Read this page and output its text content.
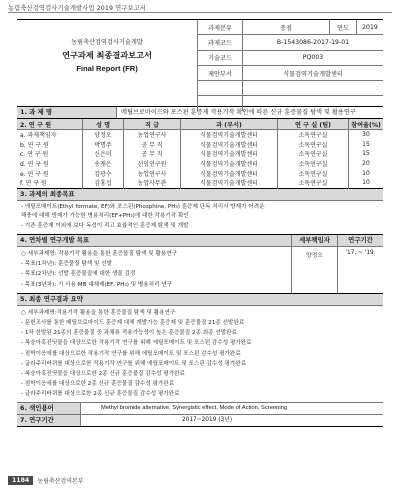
농림축산검역검사기술개발사업 2019 연구보고서
농림축산검역검사기술개발
연구과제 최종결과보고서
Final Report (FR)
과제분류	중점	연도	2019
과제코드	B-1543086-2017-19-01		
기술코드	PQ003		
제안부서	식물검역기술개발센터		

1. 과 제 명	메틸브로마이드와 포스핀 훈증제 작용기작 확인에 따른 신규 훈증물질 탐색 및 활용연구
2. 연 구 원	성 명	직 급	과 (부서)	연 구 실 (팀)	참여율(%)
a. 과제책임자	양정오	농업연구사	식물검역기술개발센터	소독연구실	30
b. 연 구 원	박명주	공 무 직	식물검역기술개발센터	소독연구실	15
c. 연 구 원	신은미	공 무 직	식물검역기술개발센터	소독연구실	15
d. 연 구 원	송재은	선임연구원	식물검역기술개발센터	소독연구실	20
e. 연 구 원	김광수	농업연구사	식물검역기술개발센터	소독연구실	10
f. 연 구 원	김홍섭	농업사무관	식물검역기술개발센터	소독연구실	10
3. 과제의 최종목표
- 에틸포메이트(Ethyl formate, EF)와 포스핀(Phosphine, PH₃) 훈증제 단독 처리시 방제가 어려운
해충에 대해 방제가 가능한 병용처리(EF+PH₃)에 대한 작용기작 확인
- 기존 훈증제 이외에 보다 독성이 적고 효율적인 훈증제 탐색 및 개발
4. 연차별 연구개발 목표	세부책임자	연구기간
○ 세부과제명: 작용기작 활용을 통한 훈증물질 탐색 및 활용연구
- 목표(1차년): 훈증물질 탐색 및 선발
- 목표(2차년): 선발 훈증물질에 대한 생물 검정
- 목표(3년차): 기 사용 MB 대체제(EF, PH₃) 및 병용처리 연구
양정오	'17. ~ '19.
5. 최종 연구결과 요약
○ 세부과제명:작용기작 활용을 통한 훈증물질 탐색 및 활용연구
- 문헌조사를 통한 메틸브로마이드 훈증제 대체 개발가능 훈증제 및 훈증물질 21종 선발완료
- 1차 선발된 21종의 훈증물질 중 과채류 적용가능성이 높은 훈증물질 2종 최종 선발완료
- 복숭아혹진딧물을 대상으로한 작용기작 연구를 위해 에틸포메이트 및 포스핀 감수성 평가완료
- 점박이응애를 대상으로한 작용기작 연구를 위해 에틸포메이트 및 포스핀 감수성 평가완료
- 글라주리바퀴를 대상으로한 작용기작 연구를 위해 에틸포메이트 및 포스핀 감수성 평가완료
- 복숭아혹진딧물을 대상으로한 2종 신규 훈증물질 감수성 평가완료
- 점박이응애를 대상으로한 2종 신규 훈증물질 감수성 평가완료
- 글라주리바퀴를 대상으로한 2종 신규 훈증물질 감수성 평가완료
6. 색인용어	Methyl bromide alternative, Synergistic effect, Mode of Action, Screening
7. 연구기간	2017~2019 (3년)
1184	농림축산검역본부
